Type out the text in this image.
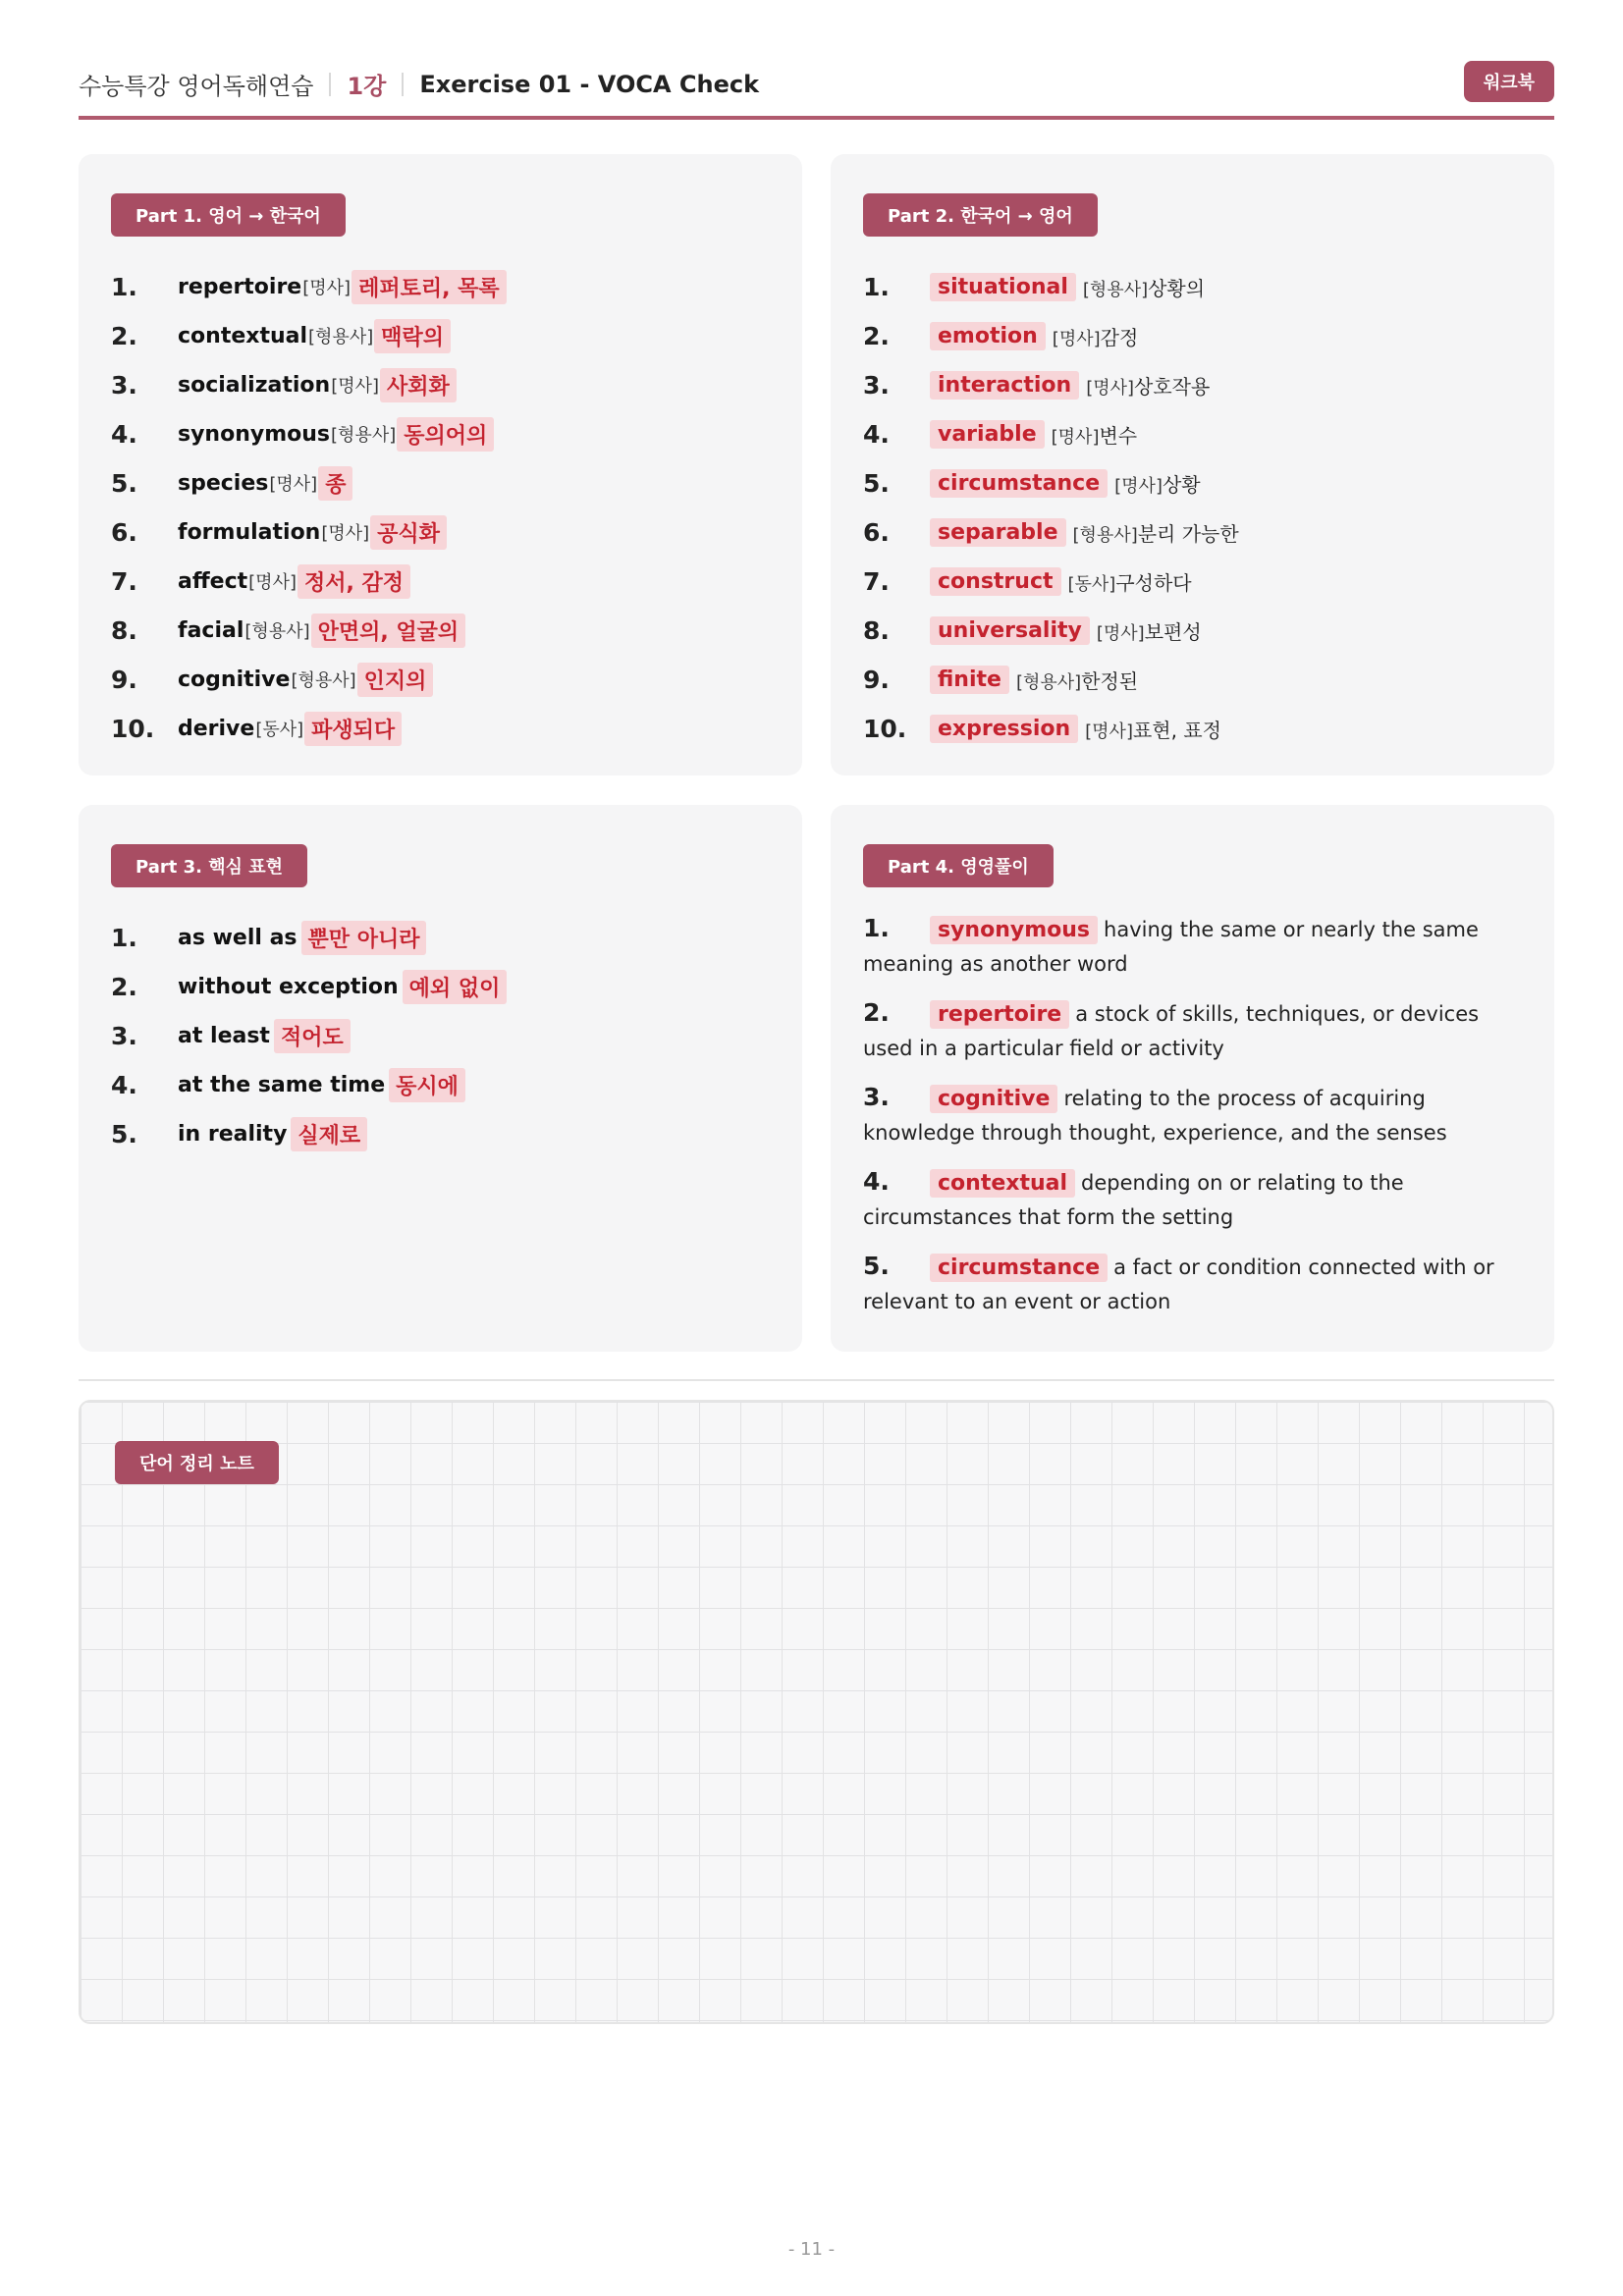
수능특강 영어독해연습 1강 Exercise 01 - VOCA Check	워크북
Part 1. 영어 → 한국어
1.	repertoire [명사] 레퍼토리, 목록
2.	contextual [형용사] 맥락의
3.	socialization [명사] 사회화
4.	synonymous [형용사] 동의어의
5.	species [명사] 종
6.	formulation [명사] 공식화
7.	affect [명사] 정서, 감정
8.	facial [형용사] 안면의, 얼굴의
9.	cognitive [형용사] 인지의
10.	derive [동사] 파생되다
Part 2. 한국어 → 영어
1.	situational [형용사]상황의
2.	emotion [명사]감정
3.	interaction [명사]상호작용
4.	variable [명사]변수
5.	circumstance [명사]상황
6.	separable [형용사]분리 가능한
7.	construct [동사]구성하다
8.	universality [명사]보편성
9.	finite [형용사]한정된
10.	expression [명사]표현, 표정
Part 3. 핵심 표현
1.	as well as 뿐만 아니라
2.	without exception 예외 없이
3.	at least 적어도
4.	at the same time 동시에
5.	in reality 실제로
Part 4. 영영풀이
1. synonymous having the same or nearly the same meaning as another word
2. repertoire a stock of skills, techniques, or devices used in a particular field or activity
3. cognitive relating to the process of acquiring knowledge through thought, experience, and the senses
4. contextual depending on or relating to the circumstances that form the setting
5. circumstance a fact or condition connected with or relevant to an event or action
단어 정리 노트
- 11 -
